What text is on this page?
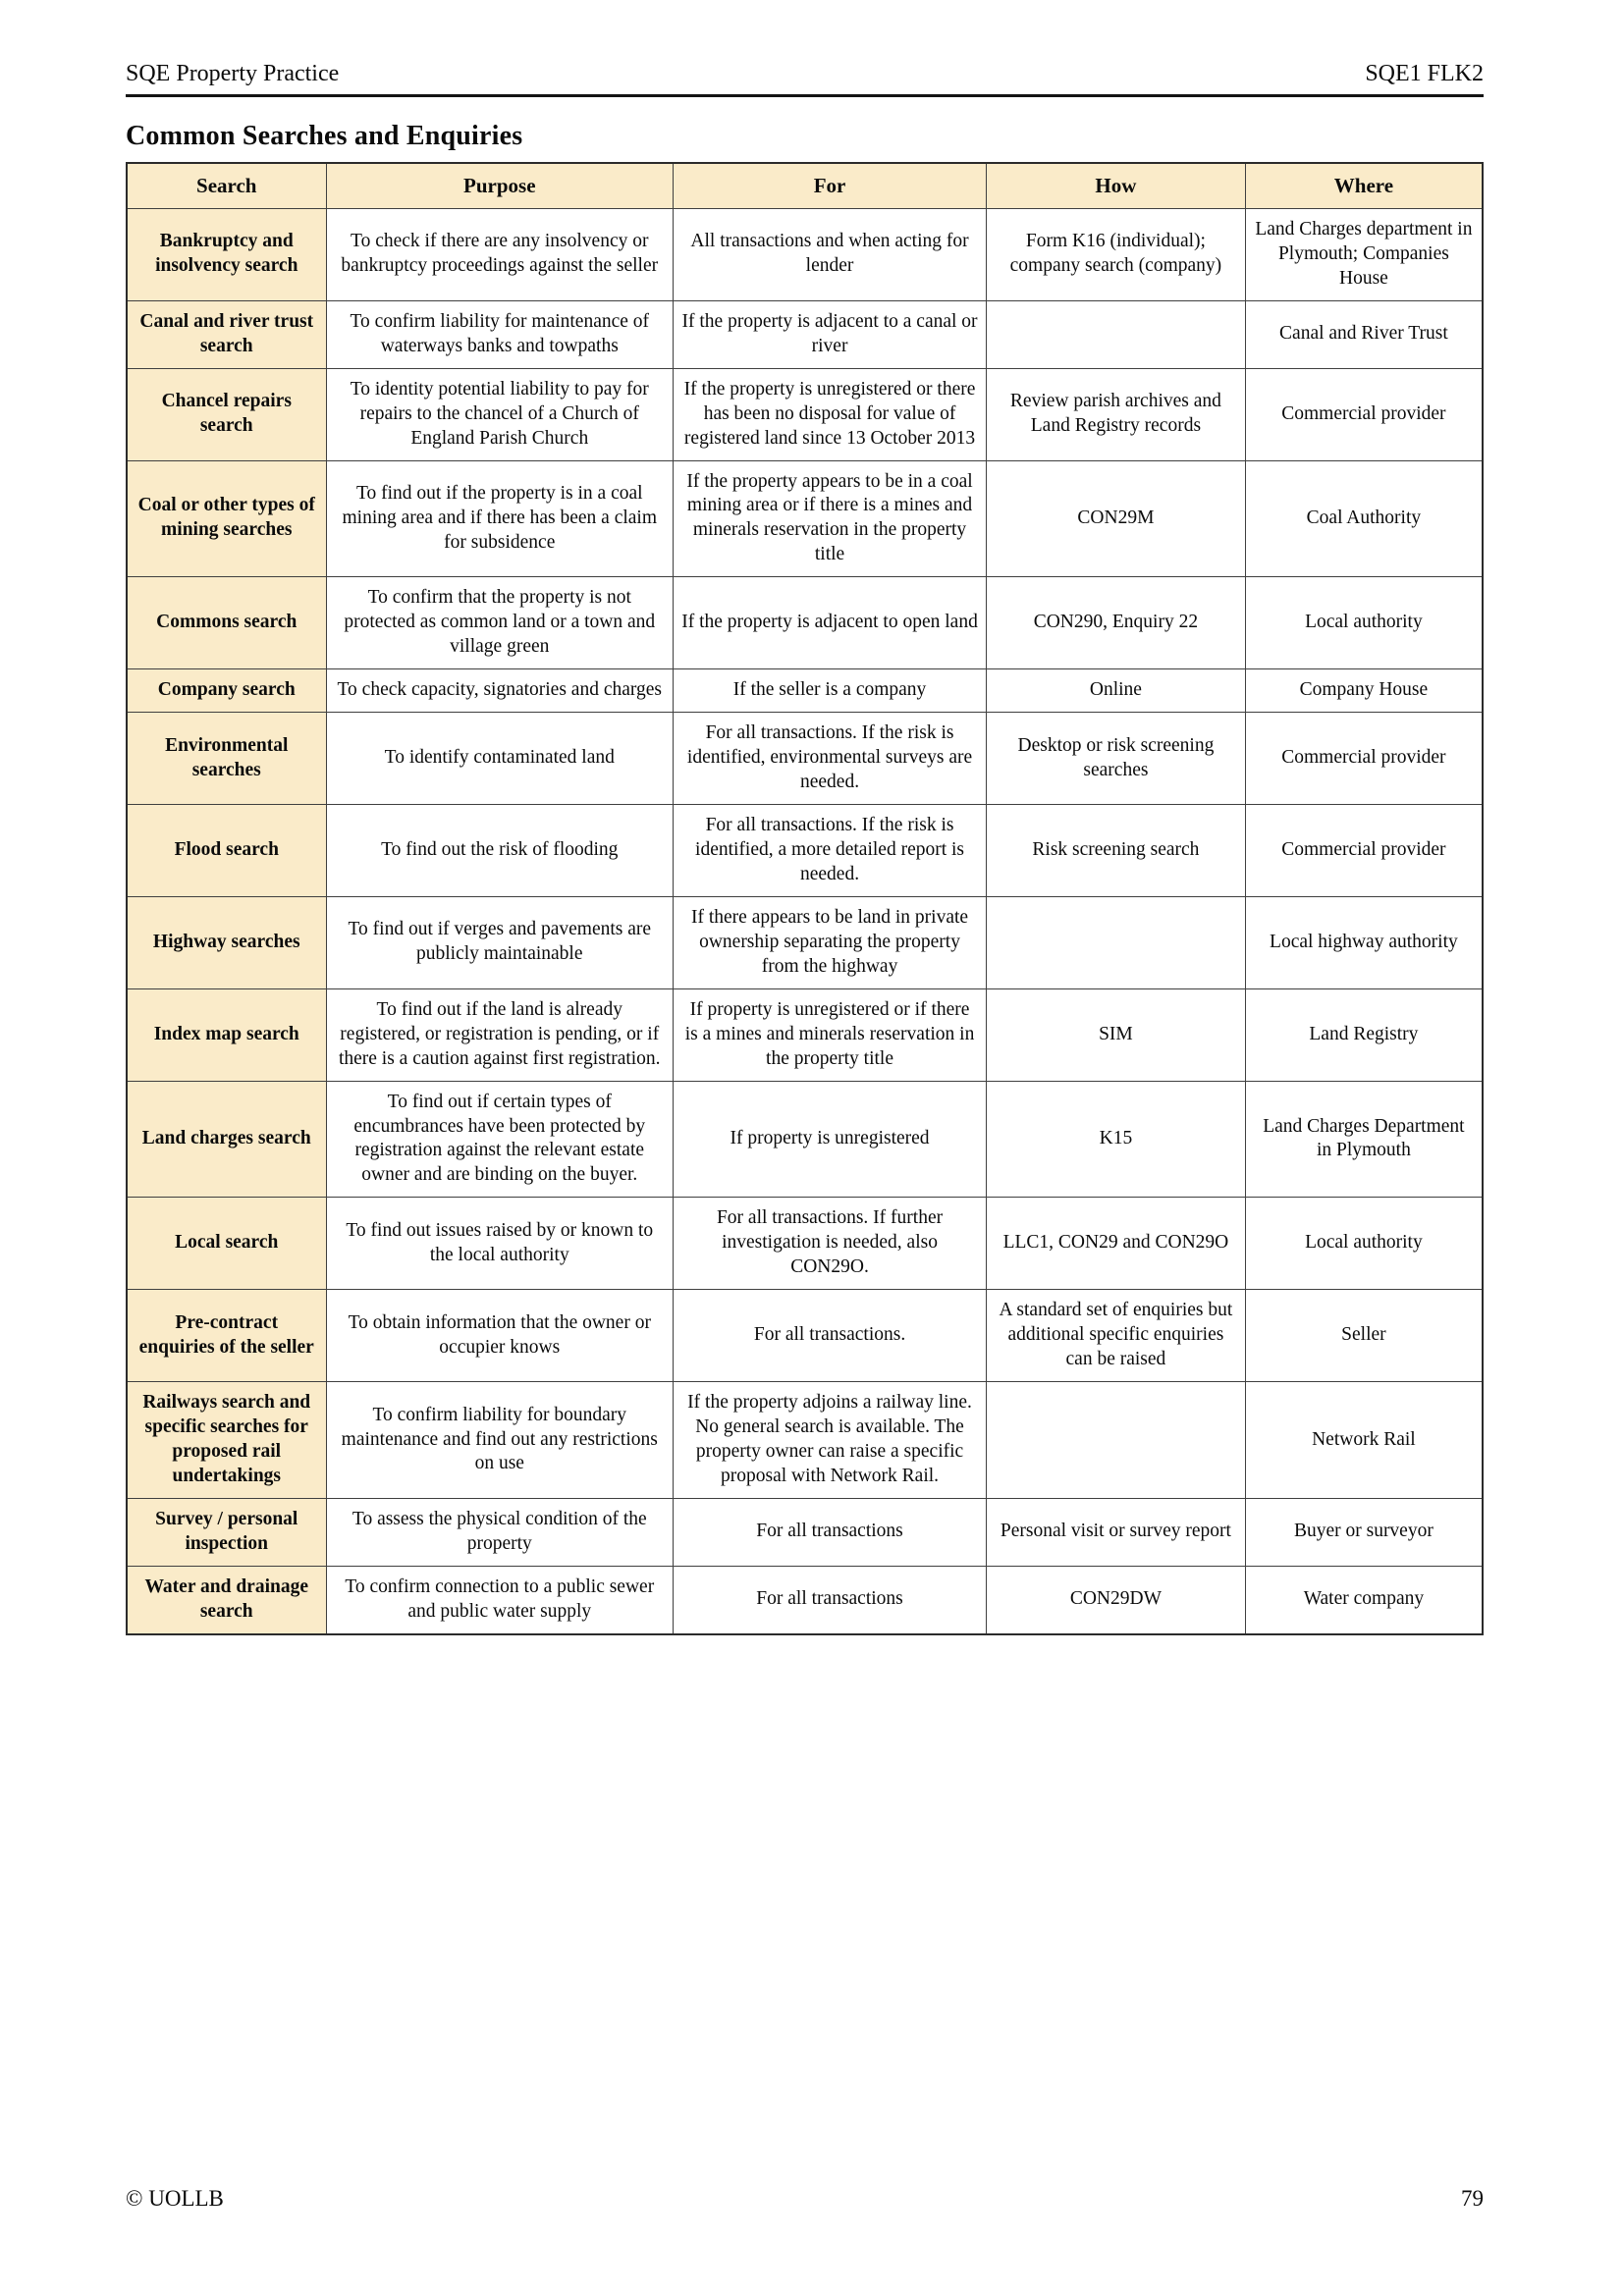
SQE Property Practice	SQE1 FLK2
Common Searches and Enquiries
Search	Purpose	For	How	Where
Bankruptcy and insolvency search	To check if there are any insolvency or bankruptcy proceedings against the seller	All transactions and when acting for lender	Form K16 (individual); company search (company)	Land Charges department in Plymouth; Companies House
Canal and river trust search	To confirm liability for maintenance of waterways banks and towpaths	If the property is adjacent to a canal or river		Canal and River Trust
Chancel repairs search	To identity potential liability to pay for repairs to the chancel of a Church of England Parish Church	If the property is unregistered or there has been no disposal for value of registered land since 13 October 2013	Review parish archives and Land Registry records	Commercial provider
Coal or other types of mining searches	To find out if the property is in a coal mining area and if there has been a claim for subsidence	If the property appears to be in a coal mining area or if there is a mines and minerals reservation in the property title	CON29M	Coal Authority
Commons search	To confirm that the property is not protected as common land or a town and village green	If the property is adjacent to open land	CON290, Enquiry 22	Local authority
Company search	To check capacity, signatories and charges	If the seller is a company	Online	Company House
Environmental searches	To identify contaminated land	For all transactions. If the risk is identified, environmental surveys are needed.	Desktop or risk screening searches	Commercial provider
Flood search	To find out the risk of flooding	For all transactions. If the risk is identified, a more detailed report is needed.	Risk screening search	Commercial provider
Highway searches	To find out if verges and pavements are publicly maintainable	If there appears to be land in private ownership separating the property from the highway		Local highway authority
Index map search	To find out if the land is already registered, or registration is pending, or if there is a caution against first registration.	If property is unregistered or if there is a mines and minerals reservation in the property title	SIM	Land Registry
Land charges search	To find out if certain types of encumbrances have been protected by registration against the relevant estate owner and are binding on the buyer.	If property is unregistered	K15	Land Charges Department in Plymouth
Local search	To find out issues raised by or known to the local authority	For all transactions. If further investigation is needed, also CON29O.	LLC1, CON29 and CON29O	Local authority
Pre-contract enquiries of the seller	To obtain information that the owner or occupier knows	For all transactions.	A standard set of enquiries but additional specific enquiries can be raised	Seller
Railways search and specific searches for proposed rail undertakings	To confirm liability for boundary maintenance and find out any restrictions on use	If the property adjoins a railway line. No general search is available. The property owner can raise a specific proposal with Network Rail.		Network Rail
Survey / personal inspection	To assess the physical condition of the property	For all transactions	Personal visit or survey report	Buyer or surveyor
Water and drainage search	To confirm connection to a public sewer and public water supply	For all transactions	CON29DW	Water company
© UOLLB	79
